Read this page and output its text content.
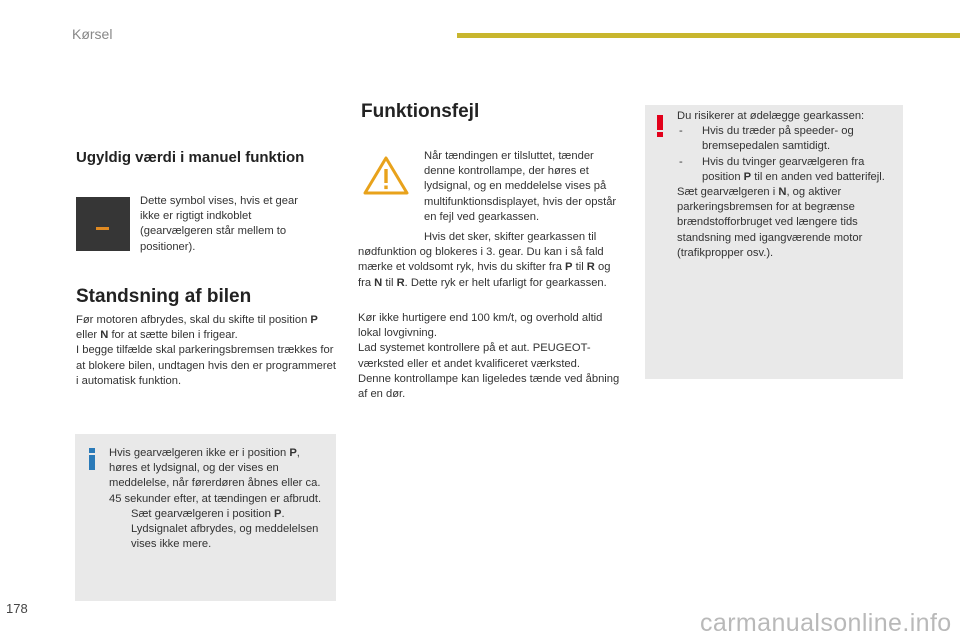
Kørsel
Ugyldig værdi i manuel funktion
Dette symbol vises, hvis et gear ikke er rigtigt indkoblet (gearvælgeren står mellem to positioner).
Standsning af bilen

Før motoren afbrydes, skal du skifte til position P eller N for at sætte bilen i frigear.

I begge tilfælde skal parkeringsbremsen trækkes for at blokere bilen, undtagen hvis den er programmeret i automatisk funktion.

Hvis gearvælgeren ikke er i position P, høres et lydsignal, og der vises en meddelelse, når førerdøren åbnes eller ca. 45 sekunder efter, at tændingen er afbrudt.

Sæt gearvælgeren i position P. Lydsignalet afbrydes, og meddelelsen vises ikke mere.
Funktionsfejl
Når tændingen er tilsluttet, tænder denne kontrollampe, der høres et lydsignal, og en meddelelse vises på multifunktionsdisplayet, hvis der opstår en fejl ved gearkassen.
Hvis det sker, skifter gearkassen til nødfunktion og blokeres i 3. gear. Du kan i så fald mærke et voldsomt ryk, hvis du skifter fra P til R og fra N til R. Dette ryk er helt ufarligt for gearkassen.

Kør ikke hurtigere end 100 km/t, og overhold altid lokal lovgivning.

Lad systemet kontrollere på et aut. PEUGEOT-værksted eller et andet kvalificeret værksted.

Denne kontrollampe kan ligeledes tænde ved åbning af en dør.

Du risikerer at ødelægge gearkassen:

- Hvis du træder på speeder- og bremsepedalen samtidigt.
- Hvis du tvinger gearvælgeren fra position P til en anden ved batterifejl.

Sæt gearvælgeren i N, og aktiver parkeringsbremsen for at begrænse brændstofforbruget ved længere tids standsning med igangværende motor (trafikpropper osv.).

178
carmanualsonline.info
